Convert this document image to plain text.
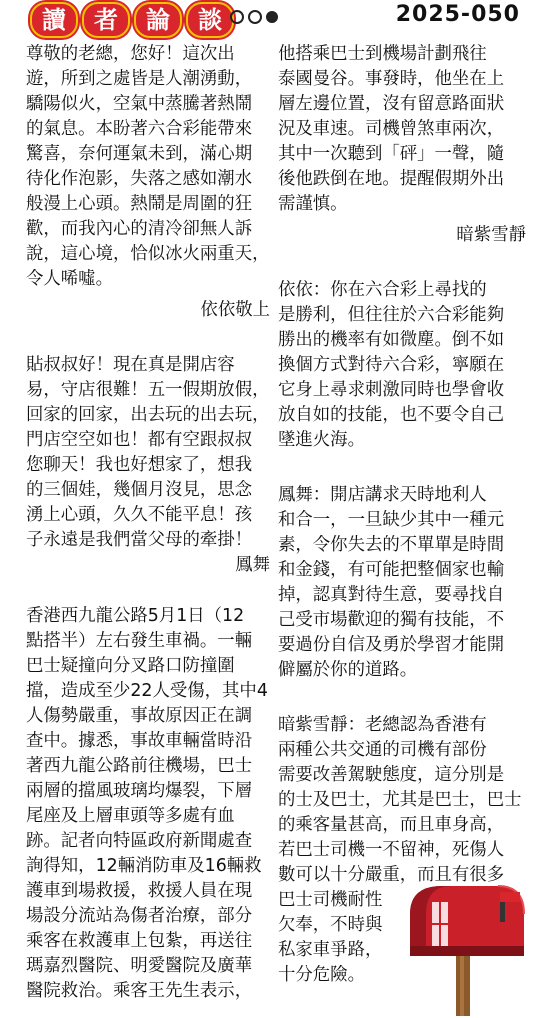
讀	者	論	談	2025-050
尊敬的老總，您好！這次出
遊，所到之處皆是人潮湧動，
驕陽似火，空氣中蒸騰著熱鬧
的氣息。本盼著六合彩能帶來
驚喜，奈何運氣未到，滿心期
待化作泡影，失落之感如潮水
般漫上心頭。熱鬧是周圍的狂
歡，而我內心的清冷卻無人訴
說，這心境，恰似冰火兩重天，
令人唏噓。
依依敬上
貼叔叔好！現在真是開店容
易，守店很難！五一假期放假，
回家的回家，出去玩的出去玩，
門店空空如也！都有空跟叔叔
您聊天！我也好想家了，想我
的三個娃，幾個月沒見，思念
湧上心頭，久久不能平息！孩
子永遠是我們當父母的牽掛！
鳳舞
香港西九龍公路5月1日（12
點搭半）左右發生車禍。一輛
巴士疑撞向分叉路口防撞圍
擋，造成至少22人受傷，其中4
人傷勢嚴重，事故原因正在調
查中。據悉，事故車輛當時沿
著西九龍公路前往機場，巴士
兩層的擋風玻璃均爆裂，下層
尾座及上層車頭等多處有血
跡。記者向特區政府新聞處查
詢得知，12輛消防車及16輛救
護車到場救援，救援人員在現
場設分流站為傷者治療，部分
乘客在救護車上包紮，再送往
瑪嘉烈醫院、明愛醫院及廣華
醫院救治。乘客王先生表示，
他搭乘巴士到機場計劃飛往
泰國曼谷。事發時，他坐在上
層左邊位置，沒有留意路面狀
況及車速。司機曾煞車兩次，
其中一次聽到「砰」一聲，隨
後他跌倒在地。提醒假期外出
需謹慎。
暗紫雪靜
依依：你在六合彩上尋找的
是勝利，但往往於六合彩能夠
勝出的機率有如微塵。倒不如
換個方式對待六合彩，寧願在
它身上尋求刺激同時也學會收
放自如的技能，也不要令自己
墜進火海。
鳳舞：開店講求天時地利人
和合一，一旦缺少其中一種元
素，令你失去的不單單是時間
和金錢，有可能把整個家也輸
掉，認真對待生意，要尋找自
己受市場歡迎的獨有技能，不
要過份自信及勇於學習才能開
僻屬於你的道路。
暗紫雪靜：老總認為香港有
兩種公共交通的司機有部份
需要改善駕駛態度，這分別是
的士及巴士，尤其是巴士，巴士
的乘客量甚高，而且車身高，
若巴士司機一不留神，死傷人
數可以十分嚴重，而且有很多
巴士司機耐性
欠奉，不時與
私家車爭路，
十分危險。
